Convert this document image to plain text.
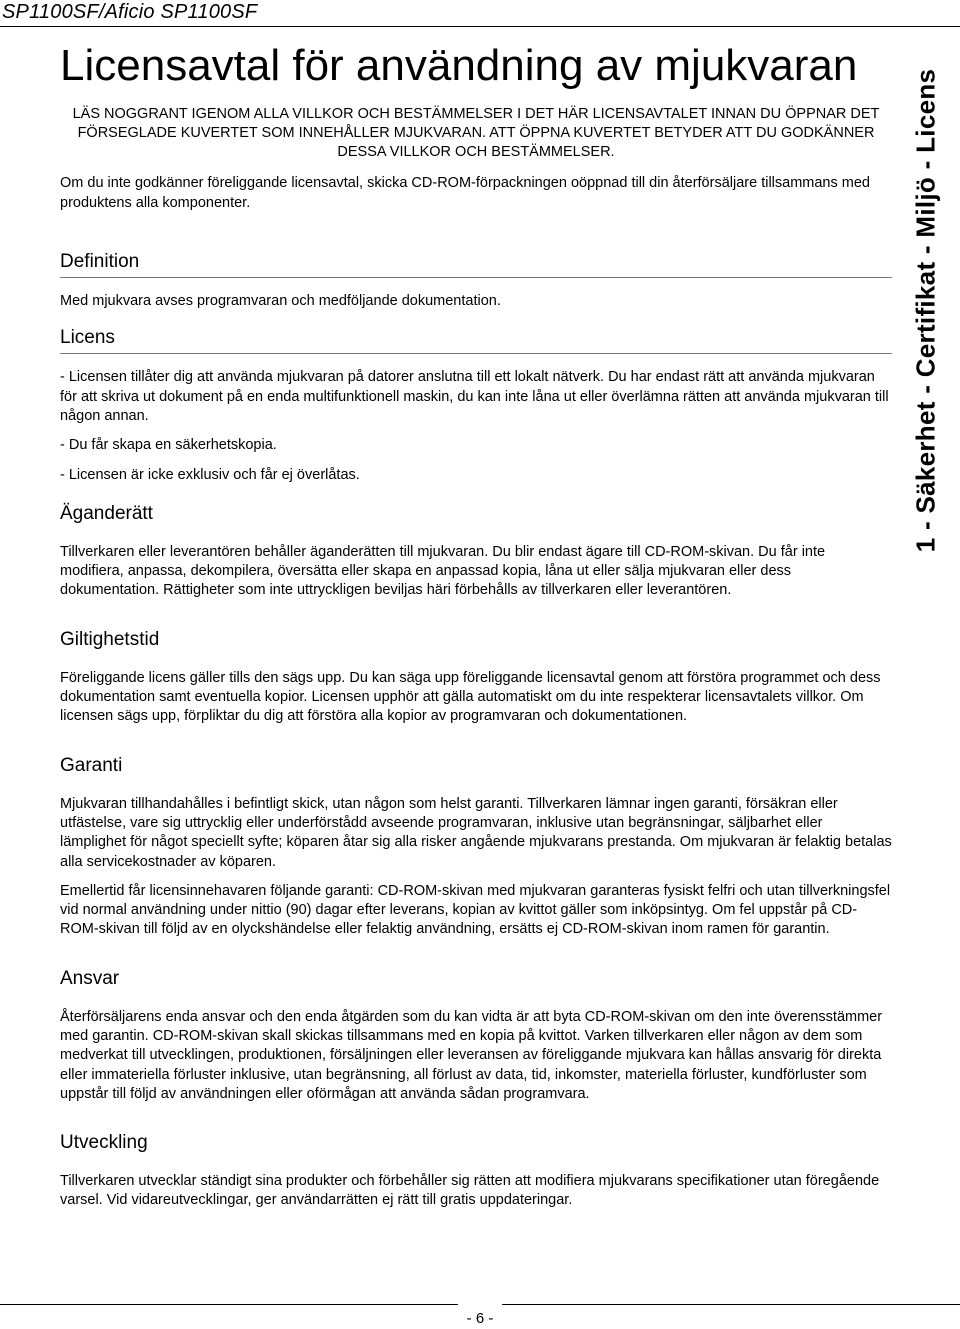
SP1100SF/Aficio SP1100SF
1 - Säkerhet - Certifikat - Miljö - Licens
Licensavtal för användning av mjukvaran

LÄS NOGGRANT IGENOM ALLA VILLKOR OCH BESTÄMMELSER I DET HÄR LICENSAVTALET INNAN DU ÖPPNAR DET FÖRSEGLADE KUVERTET SOM INNEHÅLLER MJUKVARAN. ATT ÖPPNA KUVERTET BETYDER ATT DU GODKÄNNER DESSA VILLKOR OCH BESTÄMMELSER.

Om du inte godkänner föreliggande licensavtal, skicka CD-ROM-förpackningen oöppnad till din återförsäljare tillsammans med produktens alla komponenter.

Definition

Med mjukvara avses programvaran och medföljande dokumentation.

Licens

- Licensen tillåter dig att använda mjukvaran på datorer anslutna till ett lokalt nätverk. Du har endast rätt att använda mjukvaran för att skriva ut dokument på en enda multifunktionell maskin, du kan inte låna ut eller överlämna rätten att använda mjukvaran till någon annan.

- Du får skapa en säkerhetskopia.

- Licensen är icke exklusiv och får ej överlåtas.

Äganderätt

Tillverkaren eller leverantören behåller äganderätten till mjukvaran. Du blir endast ägare till CD-ROM-skivan. Du får inte modifiera, anpassa, dekompilera, översätta eller skapa en anpassad kopia, låna ut eller sälja mjukvaran eller dess dokumentation. Rättigheter som inte uttryckligen beviljas häri förbehålls av tillverkaren eller leverantören.

Giltighetstid

Föreliggande licens gäller tills den sägs upp. Du kan säga upp föreliggande licensavtal genom att förstöra programmet och dess dokumentation samt eventuella kopior. Licensen upphör att gälla automatiskt om du inte respekterar licensavtalets villkor. Om licensen sägs upp, förpliktar du dig att förstöra alla kopior av programvaran och dokumentationen.

Garanti

Mjukvaran tillhandahålles i befintligt skick, utan någon som helst garanti. Tillverkaren lämnar ingen garanti, försäkran eller utfästelse, vare sig uttrycklig eller underförstådd avseende programvaran, inklusive utan begränsningar, säljbarhet eller lämplighet för något speciellt syfte; köparen åtar sig alla risker angående mjukvarans prestanda. Om mjukvaran är felaktig betalas alla servicekostnader av köparen.

Emellertid får licensinnehavaren följande garanti: CD-ROM-skivan med mjukvaran garanteras fysiskt felfri och utan tillverkningsfel vid normal användning under nittio (90) dagar efter leverans, kopian av kvittot gäller som inköpsintyg. Om fel uppstår på CD-ROM-skivan till följd av en olyckshändelse eller felaktig användning, ersätts ej CD-ROM-skivan inom ramen för garantin.

Ansvar

Återförsäljarens enda ansvar och den enda åtgärden som du kan vidta är att byta CD-ROM-skivan om den inte överensstämmer med garantin. CD-ROM-skivan skall skickas tillsammans med en kopia på kvittot. Varken tillverkaren eller någon av dem som medverkat till utvecklingen, produktionen, försäljningen eller leveransen av föreliggande mjukvara kan hållas ansvarig för direkta eller immateriella förluster inklusive, utan begränsning, all förlust av data, tid, inkomster, materiella förluster, kundförluster som uppstår till följd av användningen eller oförmågan att använda sådan programvara.

Utveckling

Tillverkaren utvecklar ständigt sina produkter och förbehåller sig rätten att modifiera mjukvarans specifikationer utan föregående varsel. Vid vidareutvecklingar, ger användarrätten ej rätt till gratis uppdateringar.

- 6 -
